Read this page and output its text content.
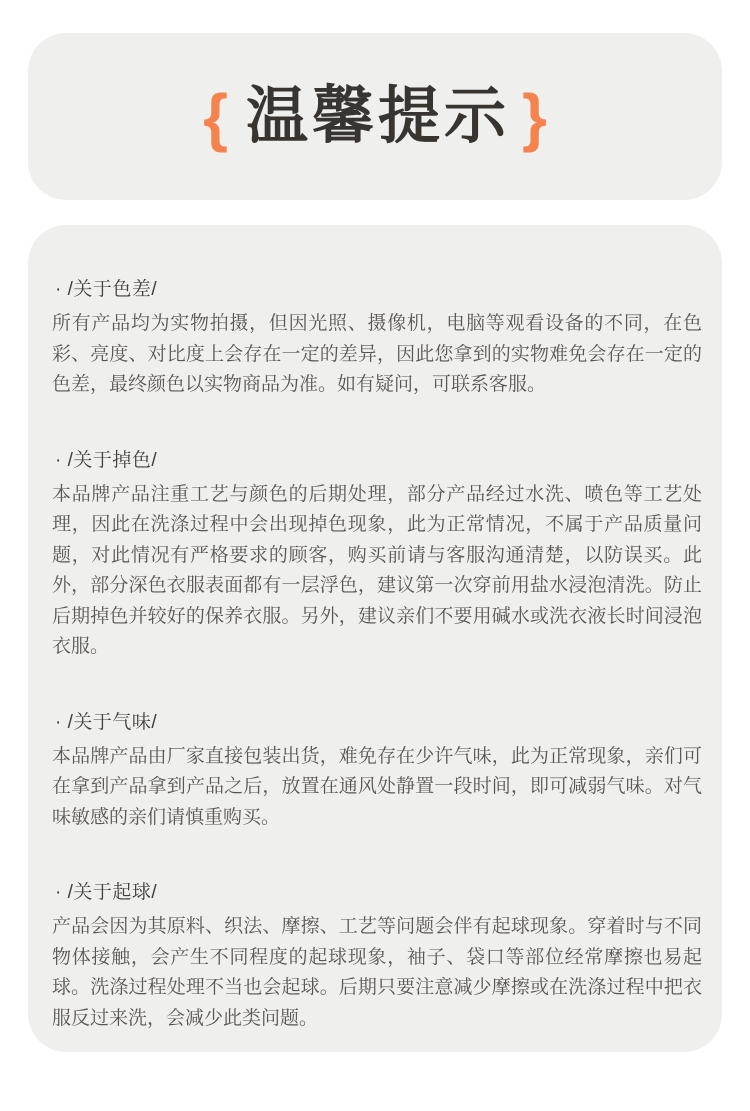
{ 温馨提示 }
· /关于色差/

所有产品均为实物拍摄，但因光照、摄像机，电脑等观看设备的不同，在色彩、亮度、对比度上会存在一定的差异，因此您拿到的实物难免会存在一定的色差，最终颜色以实物商品为准。如有疑问，可联系客服。

· /关于掉色/

本品牌产品注重工艺与颜色的后期处理，部分产品经过水洗、喷色等工艺处理，因此在洗涤过程中会出现掉色现象，此为正常情况，不属于产品质量问题，对此情况有严格要求的顾客，购买前请与客服沟通清楚，以防误买。此外，部分深色衣服表面都有一层浮色，建议第一次穿前用盐水浸泡清洗。防止后期掉色并较好的保养衣服。另外，建议亲们不要用碱水或洗衣液长时间浸泡衣服。

· /关于气味/

本品牌产品由厂家直接包装出货，难免存在少许气味，此为正常现象，亲们可在拿到产品拿到产品之后，放置在通风处静置一段时间，即可减弱气味。对气味敏感的亲们请慎重购买。

· /关于起球/

产品会因为其原料、织法、摩擦、工艺等问题会伴有起球现象。穿着时与不同物体接触，会产生不同程度的起球现象，袖子、袋口等部位经常摩擦也易起球。洗涤过程处理不当也会起球。后期只要注意减少摩擦或在洗涤过程中把衣服反过来洗，会减少此类问题。
